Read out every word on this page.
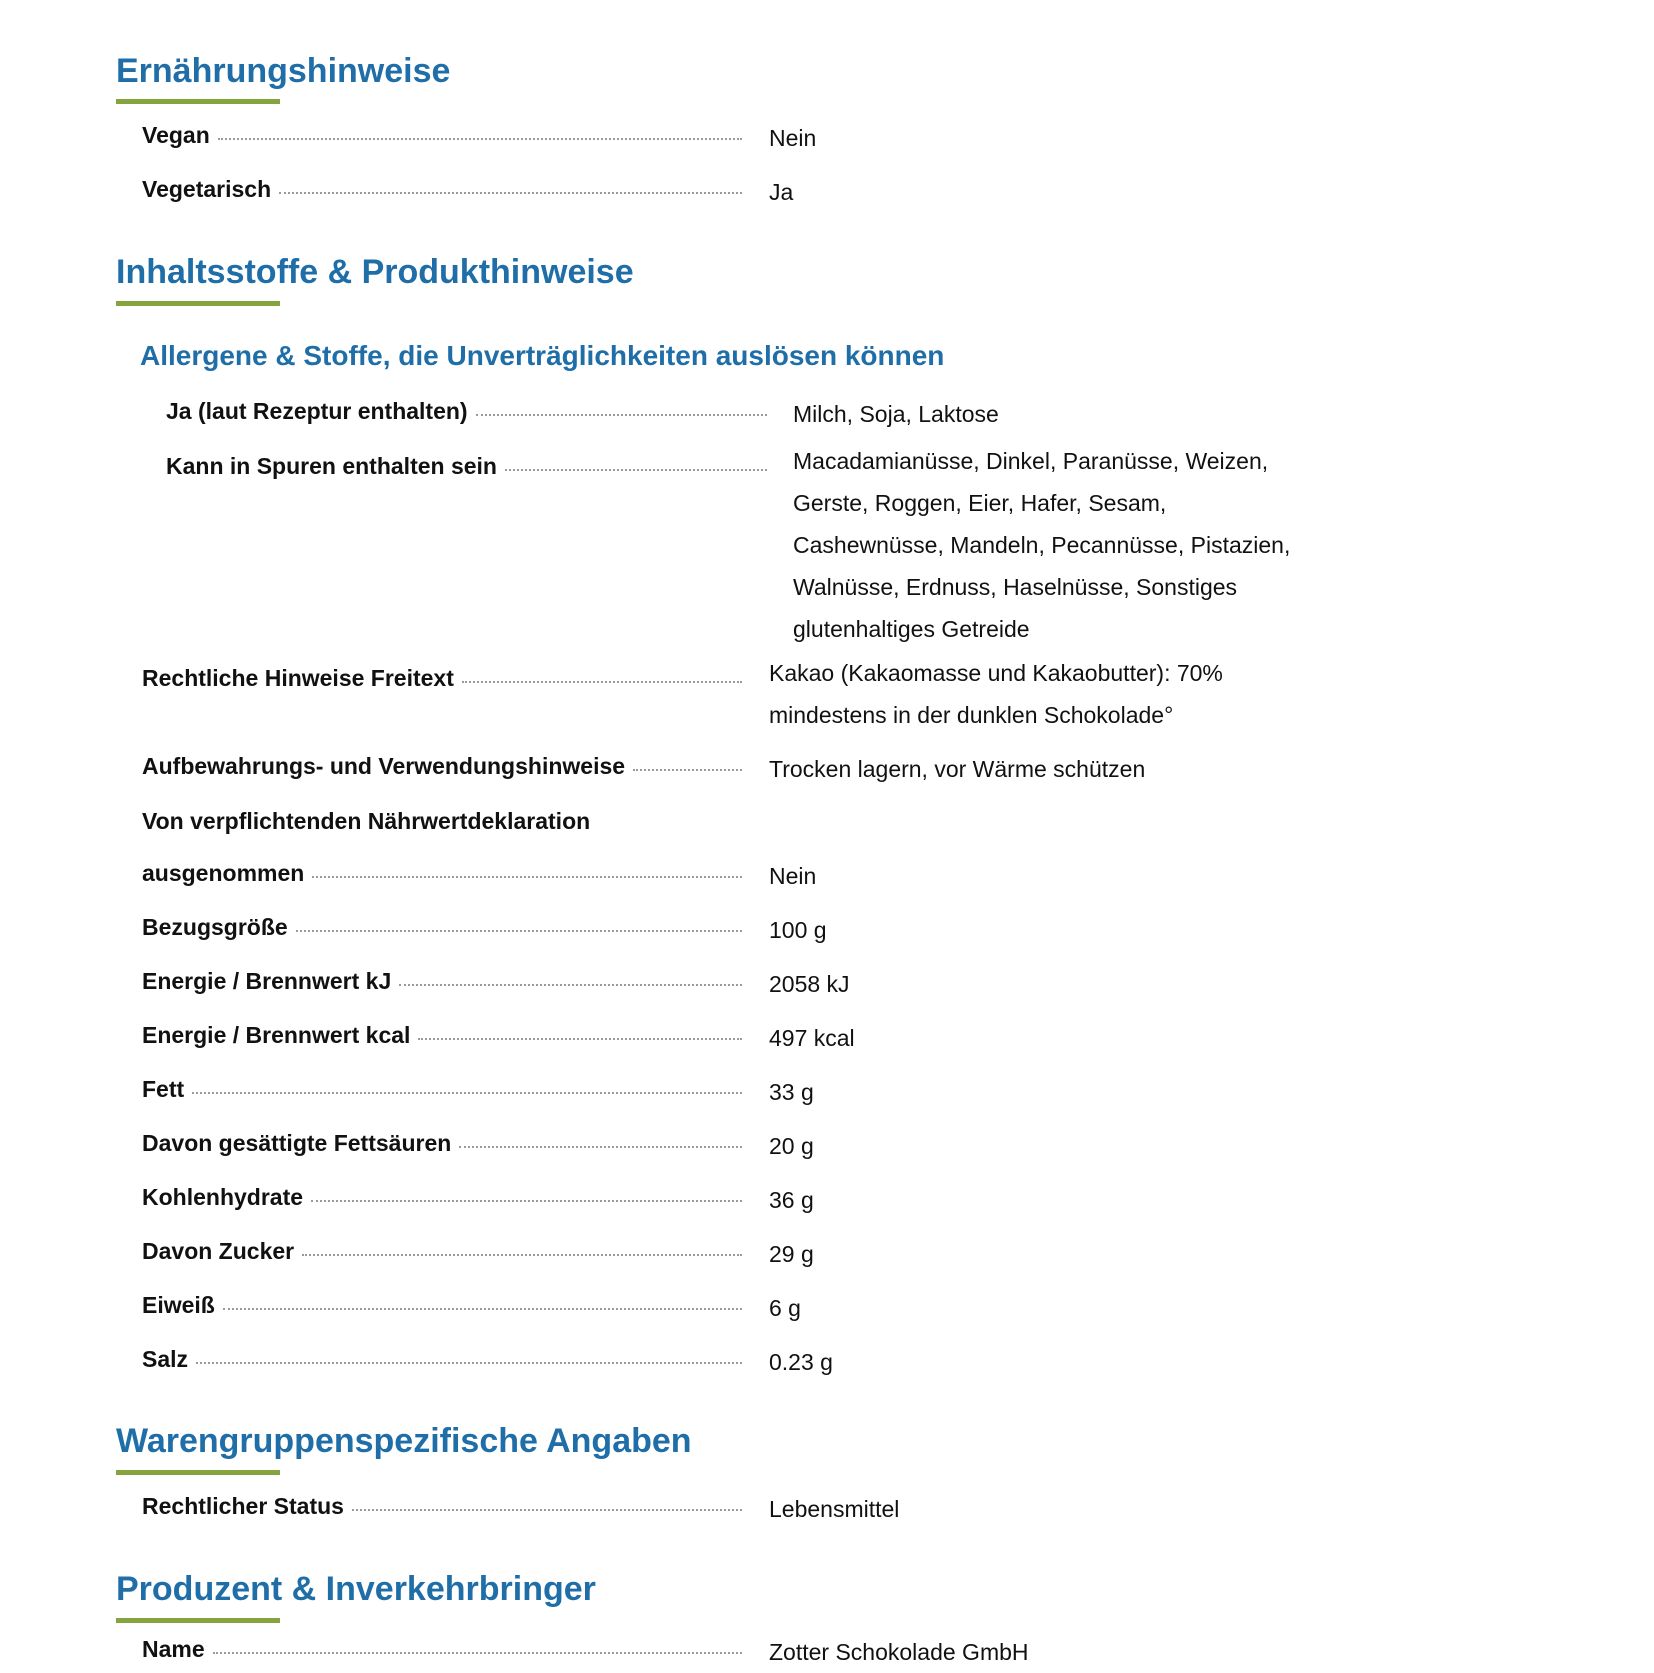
Ernährungshinweise
Vegan	Nein
Vegetarisch	Ja
Inhaltsstoffe & Produkthinweise
Allergene & Stoffe, die Unverträglichkeiten auslösen können
Ja (laut Rezeptur enthalten)	Milch, Soja, Laktose
Kann in Spuren enthalten sein	Macadamianüsse, Dinkel, Paranüsse, Weizen,
Gerste, Roggen, Eier, Hafer, Sesam,
Cashewnüsse, Mandeln, Pecannüsse, Pistazien,
Walnüsse, Erdnuss, Haselnüsse, Sonstiges
glutenhaltiges Getreide
Rechtliche Hinweise Freitext	Kakao (Kakaomasse und Kakaobutter): 70%
mindestens in der dunklen Schokolade°
Aufbewahrungs- und Verwendungshinweise	Trocken lagern, vor Wärme schützen
Von verpflichtenden Nährwertdeklaration
ausgenommen	Nein
Bezugsgröße	100 g
Energie / Brennwert kJ	2058 kJ
Energie / Brennwert kcal	497 kcal
Fett	33 g
Davon gesättigte Fettsäuren	20 g
Kohlenhydrate	36 g
Davon Zucker	29 g
Eiweiß	6 g
Salz	0.23 g
Warengruppenspezifische Angaben
Rechtlicher Status	Lebensmittel
Produzent & Inverkehrbringer
Name	Zotter Schokolade GmbH
